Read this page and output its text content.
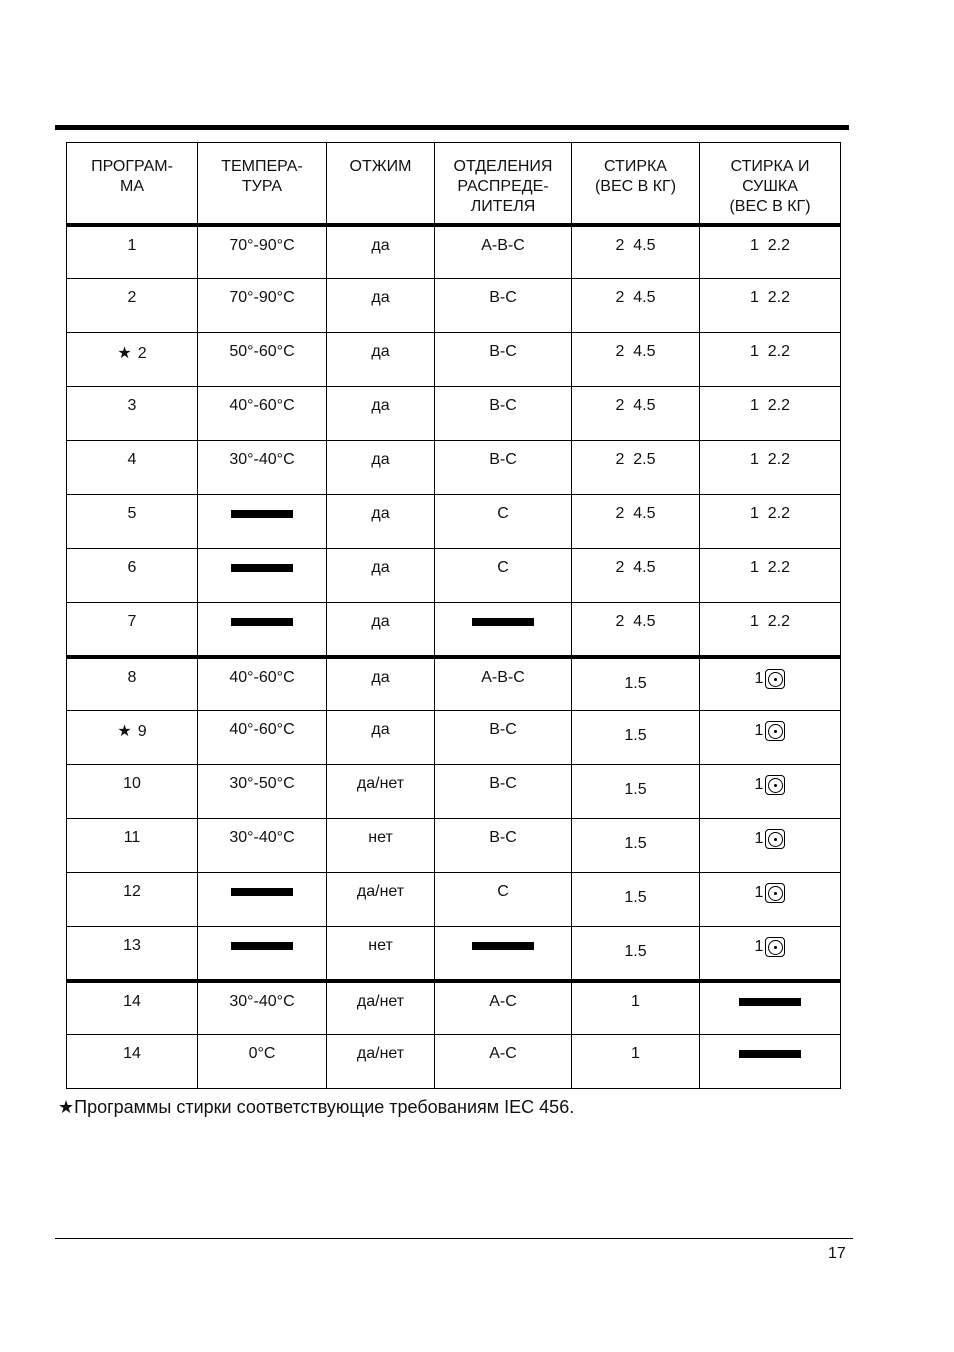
ПРОГРАМ-
МА	ТЕМПЕРА-
ТУРА	ОТЖИМ	ОТДЕЛЕНИЯ
РАСПРЕДЕ-
ЛИТЕЛЯ	СТИРКА
(ВЕС В КГ)	СТИРКА И
СУШКА
(ВЕС В КГ)
1	70°-90°C	да	A-B-C	2  4.5	1  2.2
2	70°-90°C	да	B-C	2  4.5	1  2.2
★ 2	50°-60°C	да	B-C	2  4.5	1  2.2
3	40°-60°C	да	B-C	2  4.5	1  2.2
4	30°-40°C	да	B-C	2  2.5	1  2.2
5		да	C	2  4.5	1  2.2
6		да	C	2  4.5	1  2.2
7		да		2  4.5	1  2.2
8	40°-60°C	да	A-B-C	1.5	1

★ 9	40°-60°C	да	B-C	1.5	1

10	30°-50°C	да/нет	B-C	1.5	1

11	30°-40°C	нет	B-C	1.5	1

12		да/нет	C	1.5	1

13		нет		1.5	1

14	30°-40°C	да/нет	A-C	1	
14	0°C	да/нет	A-C	1	
★Программы стирки соответствующие требованиям IEC 456.
17
